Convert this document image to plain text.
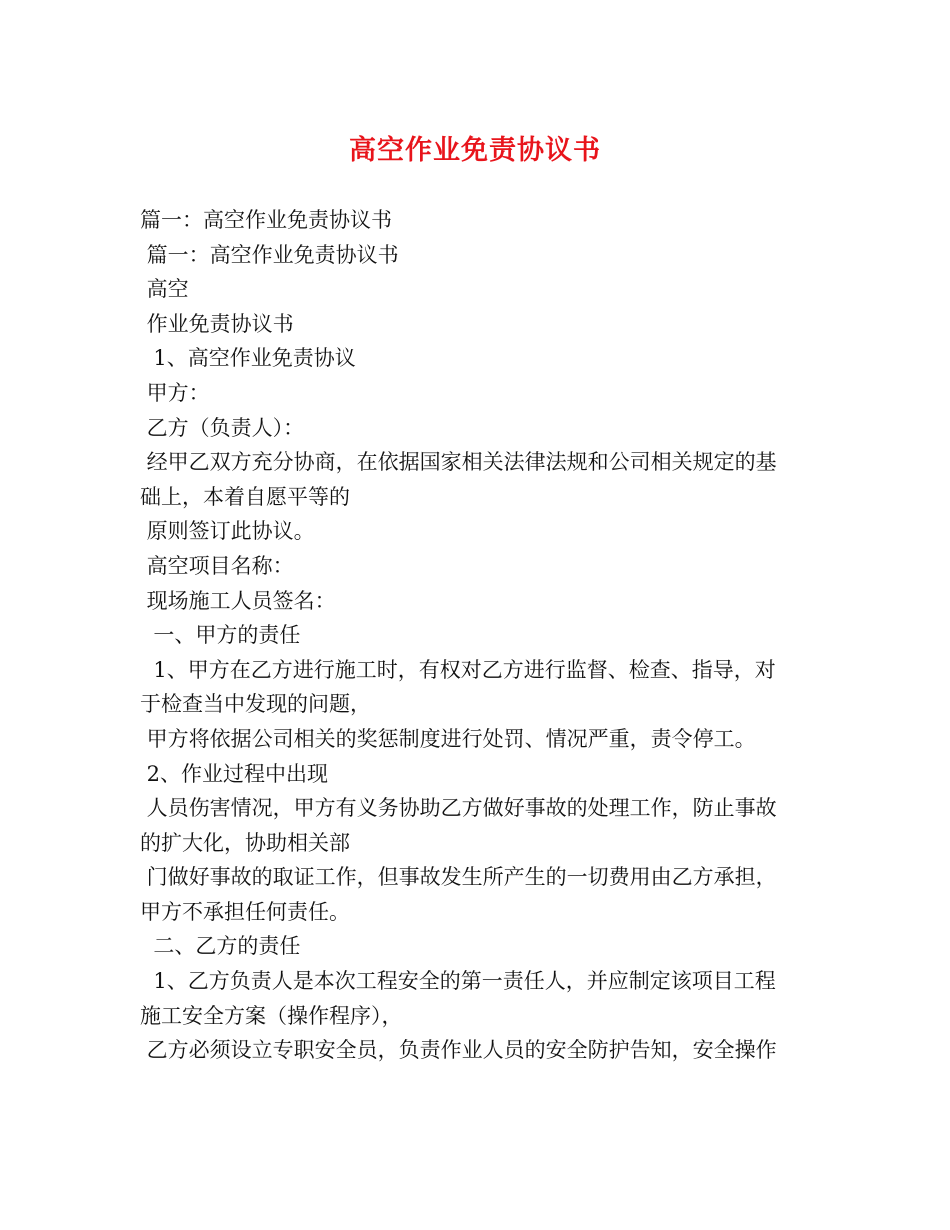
高空作业免责协议书
篇一：高空作业免责协议书
篇一：高空作业免责协议书
高空
作业免责协议书
1、高空作业免责协议
甲方：
乙方（负责人）：
经甲乙双方充分协商，在依据国家相关法律法规和公司相关规定的基
础上，本着自愿平等的
原则签订此协议。
高空项目名称：
现场施工人员签名：
一、甲方的责任
1、甲方在乙方进行施工时，有权对乙方进行监督、检查、指导，对
于检查当中发现的问题，
甲方将依据公司相关的奖惩制度进行处罚、情况严重，责令停工。
2、作业过程中出现
人员伤害情况，甲方有义务协助乙方做好事故的处理工作，防止事故
的扩大化，协助相关部
门做好事故的取证工作，但事故发生所产生的一切费用由乙方承担，
甲方不承担任何责任。
二、乙方的责任
1、乙方负责人是本次工程安全的第一责任人，并应制定该项目工程
施工安全方案（操作程序），
乙方必须设立专职安全员，负责作业人员的安全防护告知，安全操作
